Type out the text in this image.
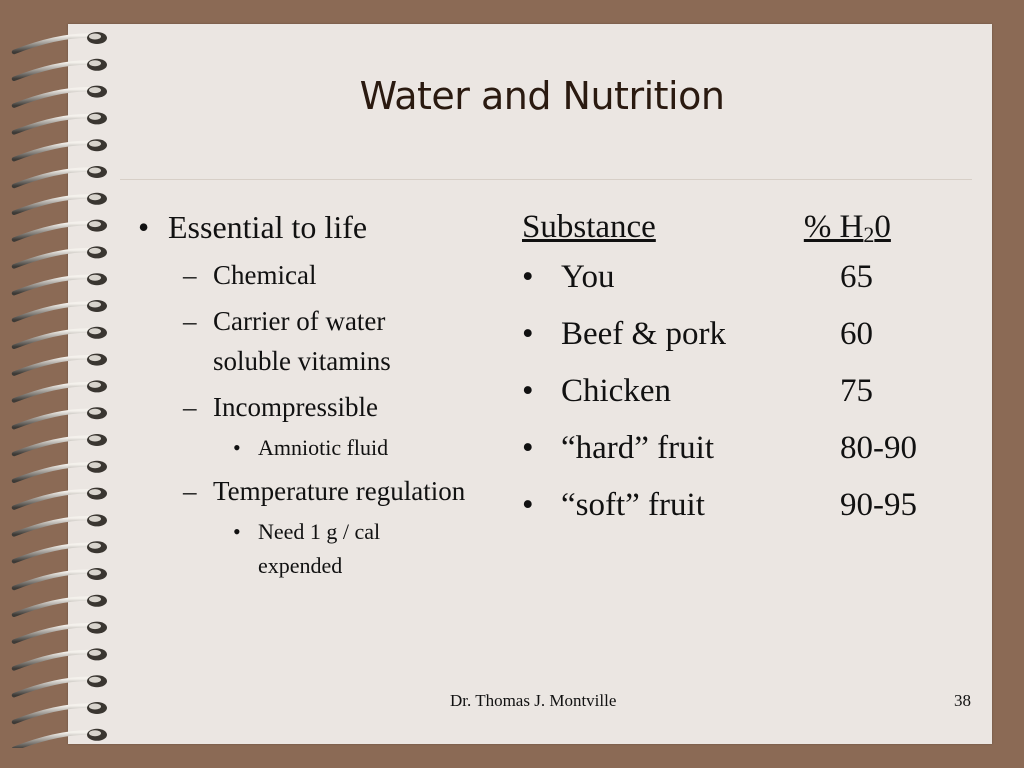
Water and Nutrition
• Essential to life
– Chemical
– Carrier of water soluble vitamins
– Incompressible
• Amniotic fluid
– Temperature regulation
• Need 1 g / cal expended
Substance	% $H_20$
• You	65
• Beef & pork	60
• Chicken	75
• “hard” fruit	80-90
• “soft” fruit	90-95
Dr. Thomas J. Montville	38
